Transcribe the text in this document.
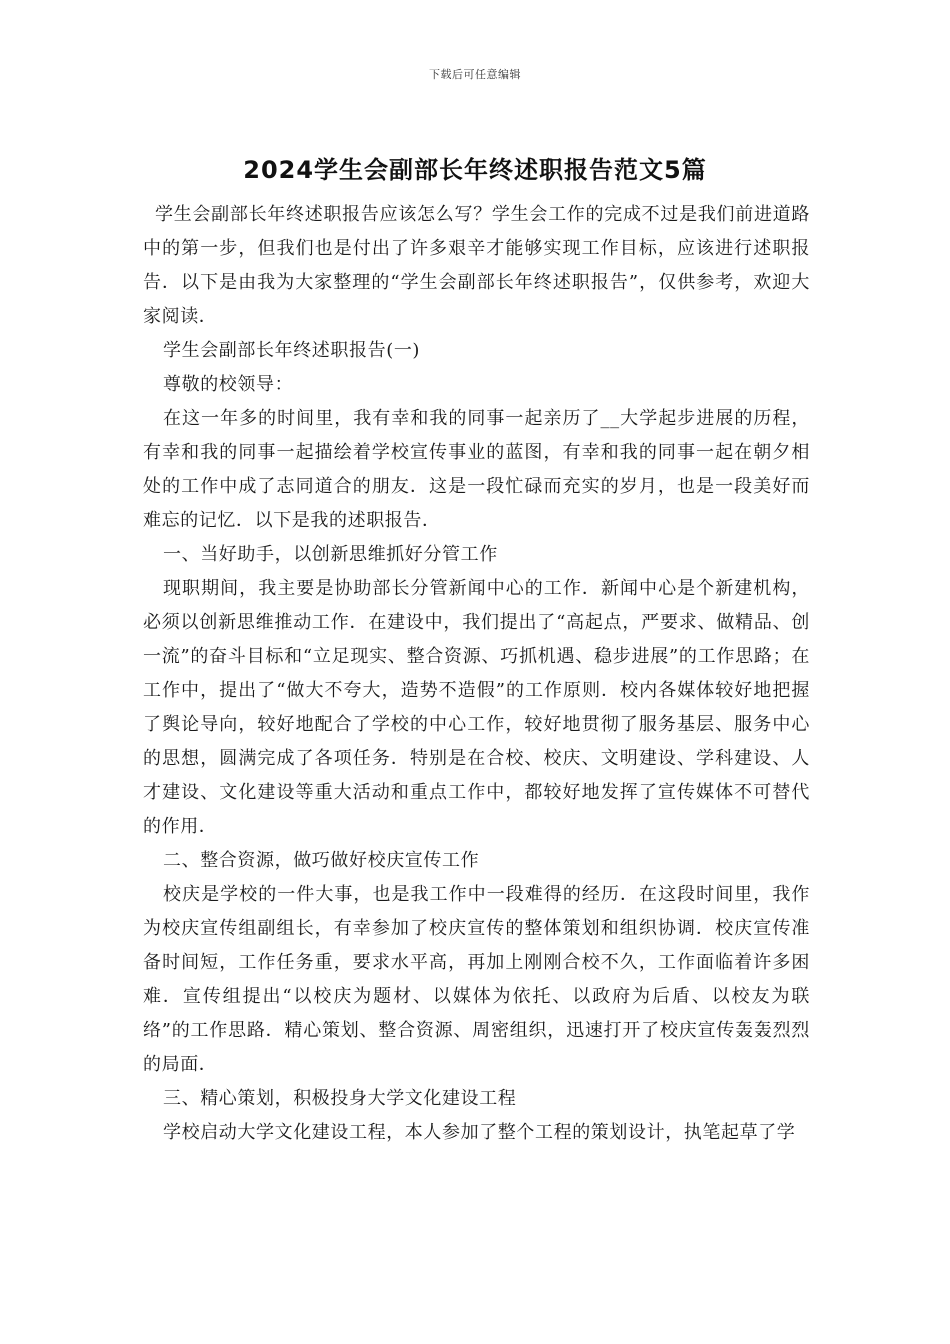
下载后可任意编辑
2024学生会副部长年终述职报告范文5篇

学生会副部长年终述职报告应该怎么写？学生会工作的完成不过是我们前进道路中的第一步，但我们也是付出了许多艰辛才能够实现工作目标，应该进行述职报告．以下是由我为大家整理的“学生会副部长年终述职报告”，仅供参考，欢迎大家阅读．

学生会副部长年终述职报告(一)

尊敬的校领导：

在这一年多的时间里，我有幸和我的同事一起亲历了__大学起步进展的历程，有幸和我的同事一起描绘着学校宣传事业的蓝图，有幸和我的同事一起在朝夕相处的工作中成了志同道合的朋友．这是一段忙碌而充实的岁月，也是一段美好而难忘的记忆．以下是我的述职报告．

一、当好助手，以创新思维抓好分管工作

现职期间，我主要是协助部长分管新闻中心的工作．新闻中心是个新建机构，必须以创新思维推动工作．在建设中，我们提出了“高起点，严要求、做精品、创一流”的奋斗目标和“立足现实、整合资源、巧抓机遇、稳步进展”的工作思路；在工作中，提出了“做大不夸大，造势不造假”的工作原则．校内各媒体较好地把握了舆论导向，较好地配合了学校的中心工作，较好地贯彻了服务基层、服务中心的思想，圆满完成了各项任务．特别是在合校、校庆、文明建设、学科建设、人才建设、文化建设等重大活动和重点工作中，都较好地发挥了宣传媒体不可替代的作用．

二、整合资源，做巧做好校庆宣传工作

校庆是学校的一件大事，也是我工作中一段难得的经历．在这段时间里，我作为校庆宣传组副组长，有幸参加了校庆宣传的整体策划和组织协调．校庆宣传准备时间短，工作任务重，要求水平高，再加上刚刚合校不久，工作面临着许多困难．宣传组提出“以校庆为题材、以媒体为依托、以政府为后盾、以校友为联络”的工作思路．精心策划、整合资源、周密组织，迅速打开了校庆宣传轰轰烈烈的局面．

三、精心策划，积极投身大学文化建设工程

学校启动大学文化建设工程，本人参加了整个工程的策划设计，执笔起草了学
